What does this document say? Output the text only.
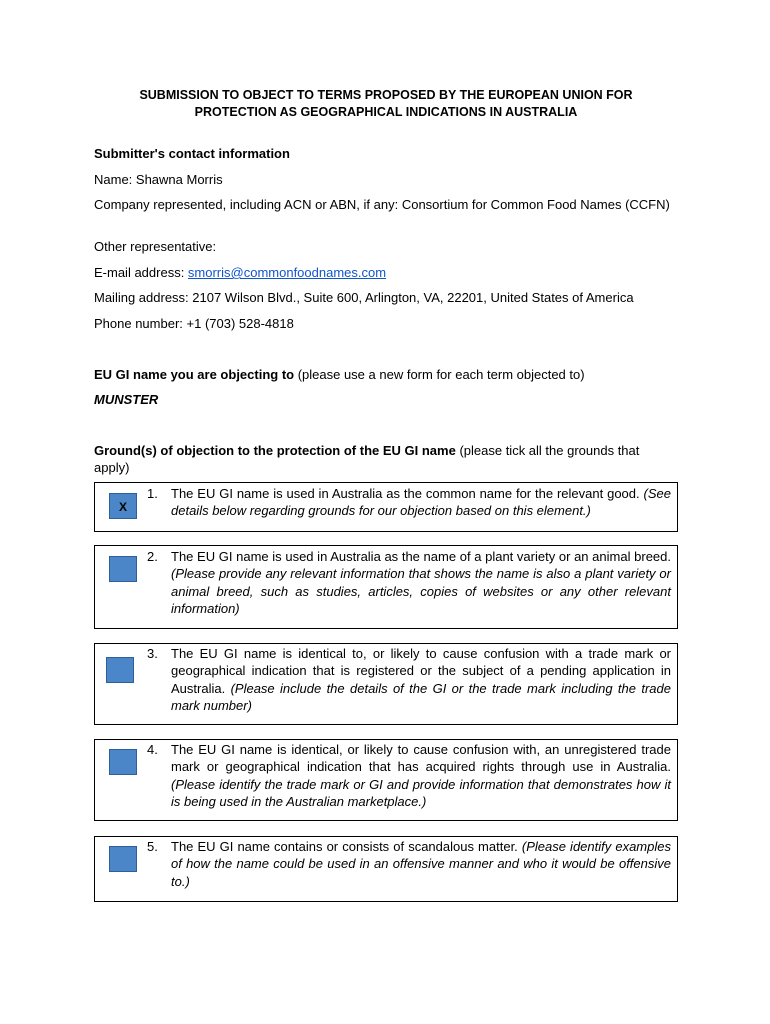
SUBMISSION TO OBJECT TO TERMS PROPOSED BY THE EUROPEAN UNION FOR
PROTECTION AS GEOGRAPHICAL INDICATIONS IN AUSTRALIA
Submitter's contact information
Name: Shawna Morris
Company represented, including ACN or ABN, if any: Consortium for Common Food Names (CCFN)
Other representative:
E-mail address: smorris@commonfoodnames.com
Mailing address: 2107 Wilson Blvd., Suite 600, Arlington, VA, 22201, United States of America
Phone number: +1 (703) 528-4818
EU GI name you are objecting to (please use a new form for each term objected to)
MUNSTER
Ground(s) of objection to the protection of the EU GI name (please tick all the grounds that apply)
X
1. The EU GI name is used in Australia as the common name for the relevant good. (See details below regarding grounds for our objection based on this element.)
2. The EU GI name is used in Australia as the name of a plant variety or an animal breed. (Please provide any relevant information that shows the name is also a plant variety or animal breed, such as studies, articles, copies of websites or any other relevant information)
3. The EU GI name is identical to, or likely to cause confusion with a trade mark or geographical indication that is registered or the subject of a pending application in Australia. (Please include the details of the GI or the trade mark including the trade mark number)
4. The EU GI name is identical, or likely to cause confusion with, an unregistered trade mark or geographical indication that has acquired rights through use in Australia. (Please identify the trade mark or GI and provide information that demonstrates how it is being used in the Australian marketplace.)
5. The EU GI name contains or consists of scandalous matter. (Please identify examples of how the name could be used in an offensive manner and who it would be offensive to.)
